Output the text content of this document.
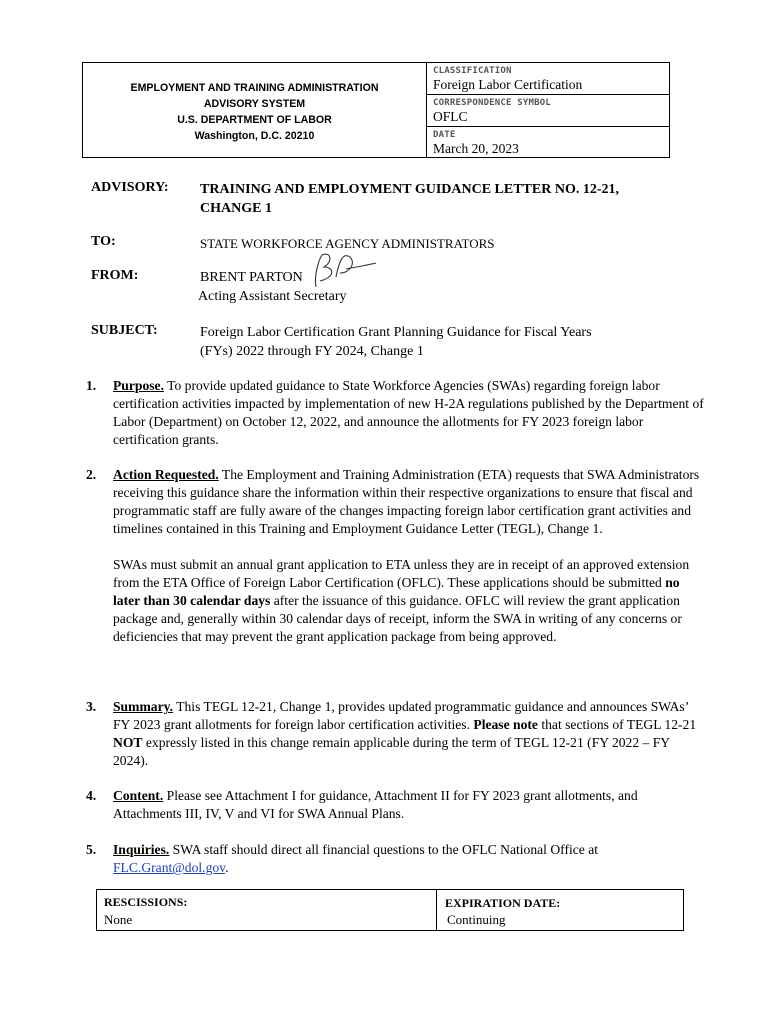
EMPLOYMENT AND TRAINING ADMINISTRATION
ADVISORY SYSTEM
U.S. DEPARTMENT OF LABOR
Washington, D.C. 20210
CLASSIFICATION
Foreign Labor Certification
CORRESPONDENCE SYMBOL
OFLC
DATE
March 20, 2023
ADVISORY: TRAINING AND EMPLOYMENT GUIDANCE LETTER NO. 12-21,
CHANGE 1
TO:	STATE WORKFORCE AGENCY ADMINISTRATORS
FROM:	BRENT PARTON
Acting Assistant Secretary
SUBJECT:	Foreign Labor Certification Grant Planning Guidance for Fiscal Years
(FYs) 2022 through FY 2024, Change 1
1. Purpose. To provide updated guidance to State Workforce Agencies (SWAs) regarding foreign labor certification activities impacted by implementation of new H-2A regulations published by the Department of Labor (Department) on October 12, 2022, and announce the allotments for FY 2023 foreign labor certification grants.
2. Action Requested. The Employment and Training Administration (ETA) requests that SWA Administrators receiving this guidance share the information within their respective organizations to ensure that fiscal and programmatic staff are fully aware of the changes impacting foreign labor certification grant activities and timelines contained in this Training and Employment Guidance Letter (TEGL), Change 1.
SWAs must submit an annual grant application to ETA unless they are in receipt of an approved extension from the ETA Office of Foreign Labor Certification (OFLC). These applications should be submitted no later than 30 calendar days after the issuance of this guidance. OFLC will review the grant application package and, generally within 30 calendar days of receipt, inform the SWA in writing of any concerns or deficiencies that may prevent the grant application package from being approved.
3. Summary. This TEGL 12-21, Change 1, provides updated programmatic guidance and announces SWAs’ FY 2023 grant allotments for foreign labor certification activities. Please note that sections of TEGL 12-21 NOT expressly listed in this change remain applicable during the term of TEGL 12-21 (FY 2022 – FY 2024).
4. Content. Please see Attachment I for guidance, Attachment II for FY 2023 grant allotments, and Attachments III, IV, V and VI for SWA Annual Plans.
5. Inquiries. SWA staff should direct all financial questions to the OFLC National Office at FLC.Grant@dol.gov.
RESCISSIONS:
None
EXPIRATION DATE:
Continuing
